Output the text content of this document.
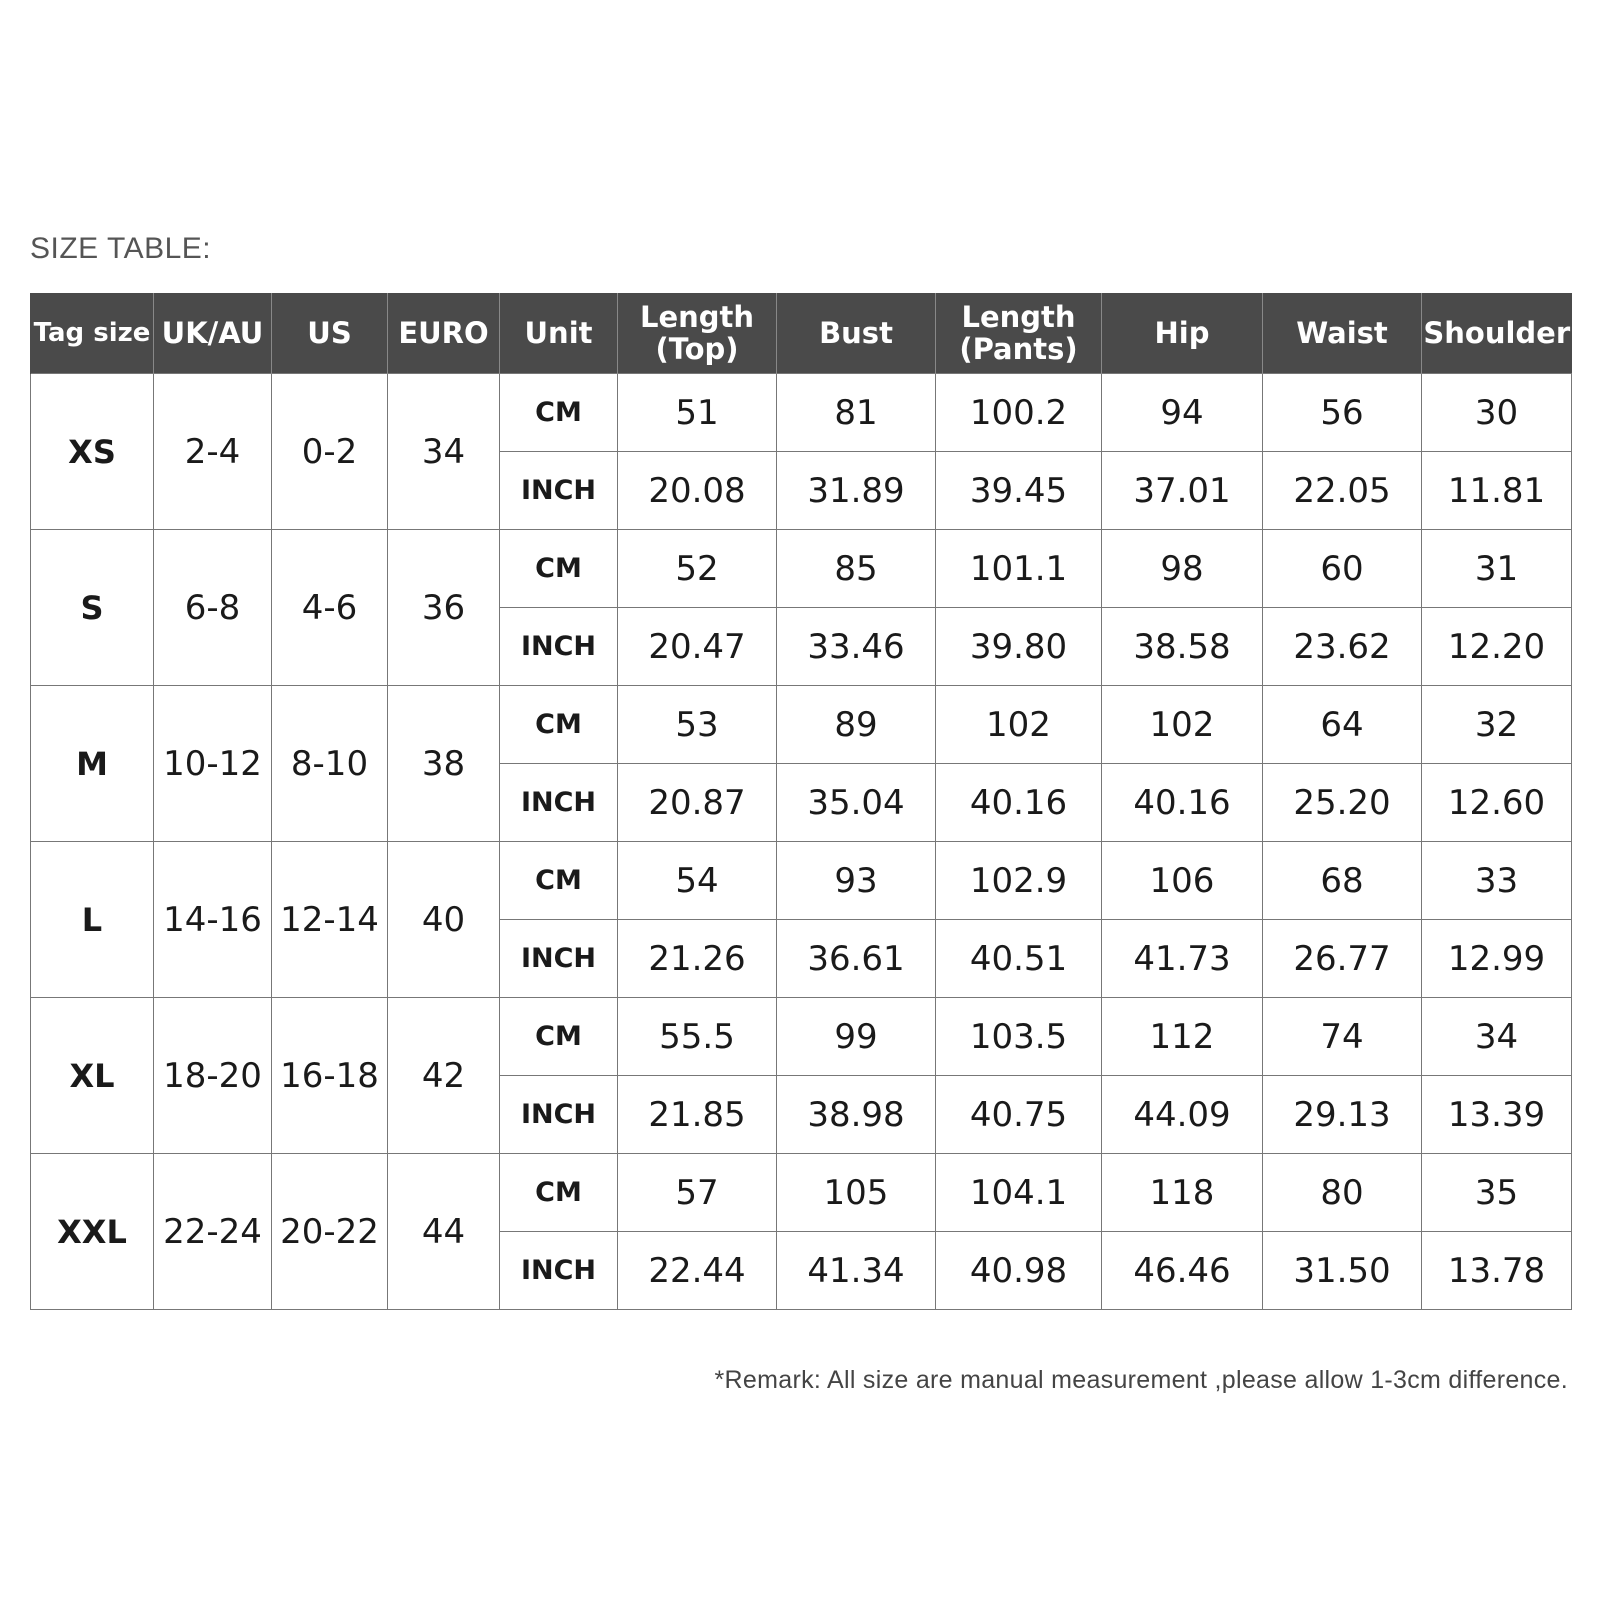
SIZE TABLE:
Tag size	UK/AU	US	EURO	Unit	Length (Top)	Bust	Length (Pants)	Hip	Waist	Shoulder
XS	2-4	0-2	34	CM	51	81	100.2	94	56	30
				INCH	20.08	31.89	39.45	37.01	22.05	11.81
S	6-8	4-6	36	CM	52	85	101.1	98	60	31
				INCH	20.47	33.46	39.80	38.58	23.62	12.20
M	10-12	8-10	38	CM	53	89	102	102	64	32
				INCH	20.87	35.04	40.16	40.16	25.20	12.60
L	14-16	12-14	40	CM	54	93	102.9	106	68	33
				INCH	21.26	36.61	40.51	41.73	26.77	12.99
XL	18-20	16-18	42	CM	55.5	99	103.5	112	74	34
				INCH	21.85	38.98	40.75	44.09	29.13	13.39
XXL	22-24	20-22	44	CM	57	105	104.1	118	80	35
				INCH	22.44	41.34	40.98	46.46	31.50	13.78
*Remark: All size are manual measurement ,please allow 1-3cm difference.
